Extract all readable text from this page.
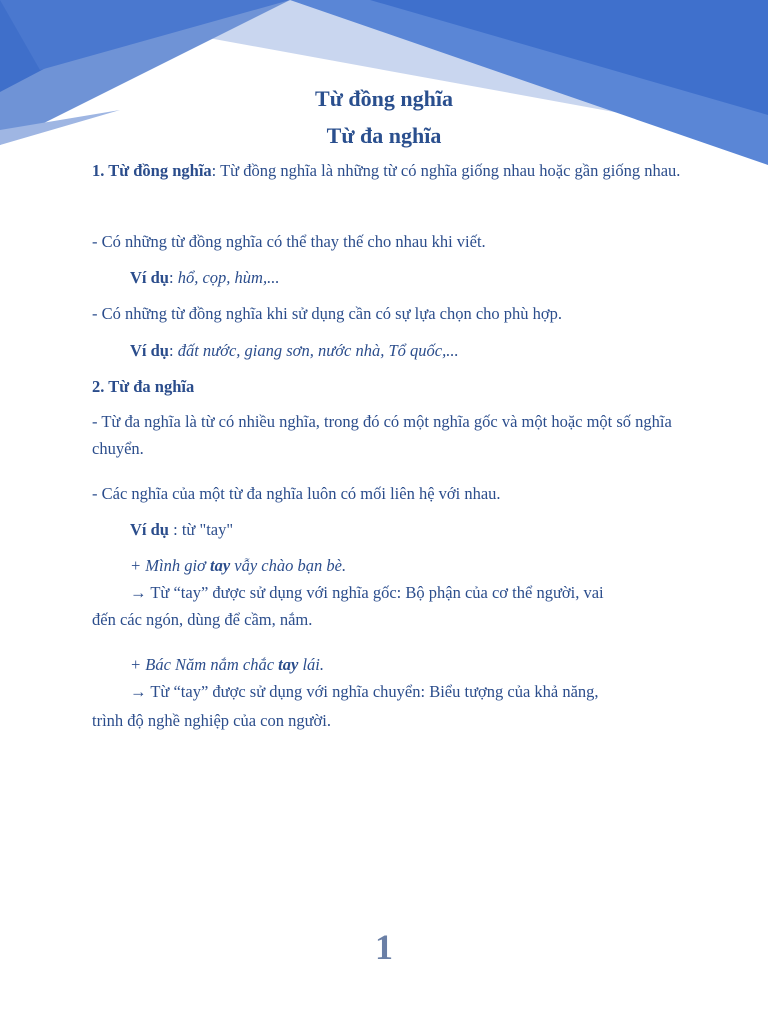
Từ đồng nghĩa
Từ đa nghĩa

1. Từ đồng nghĩa: Từ đồng nghĩa là những từ có nghĩa giống nhau hoặc gần giống nhau.

- Có những từ đồng nghĩa có thể thay thế cho nhau khi viết.

Ví dụ: hổ, cọp, hùm,...

- Có những từ đồng nghĩa khi sử dụng cần có sự lựa chọn cho phù hợp.

Ví dụ: đất nước, giang sơn, nước nhà, Tổ quốc,...

2. Từ đa nghĩa

- Từ đa nghĩa là từ có nhiều nghĩa, trong đó có một nghĩa gốc và một hoặc một số nghĩa chuyển.

- Các nghĩa của một từ đa nghĩa luôn có mối liên hệ với nhau.

Ví dụ : từ "tay"

+ Mình giơ tay vẫy chào bạn bè.

→ Từ “tay” được sử dụng với nghĩa gốc: Bộ phận của cơ thể người, vai

đến các ngón, dùng để cầm, nắm.

+ Bác Năm nắm chắc tay lái.

→ Từ “tay” được sử dụng với nghĩa chuyển: Biểu tượng của khả năng,

trình độ nghề nghiệp của con người.

1
